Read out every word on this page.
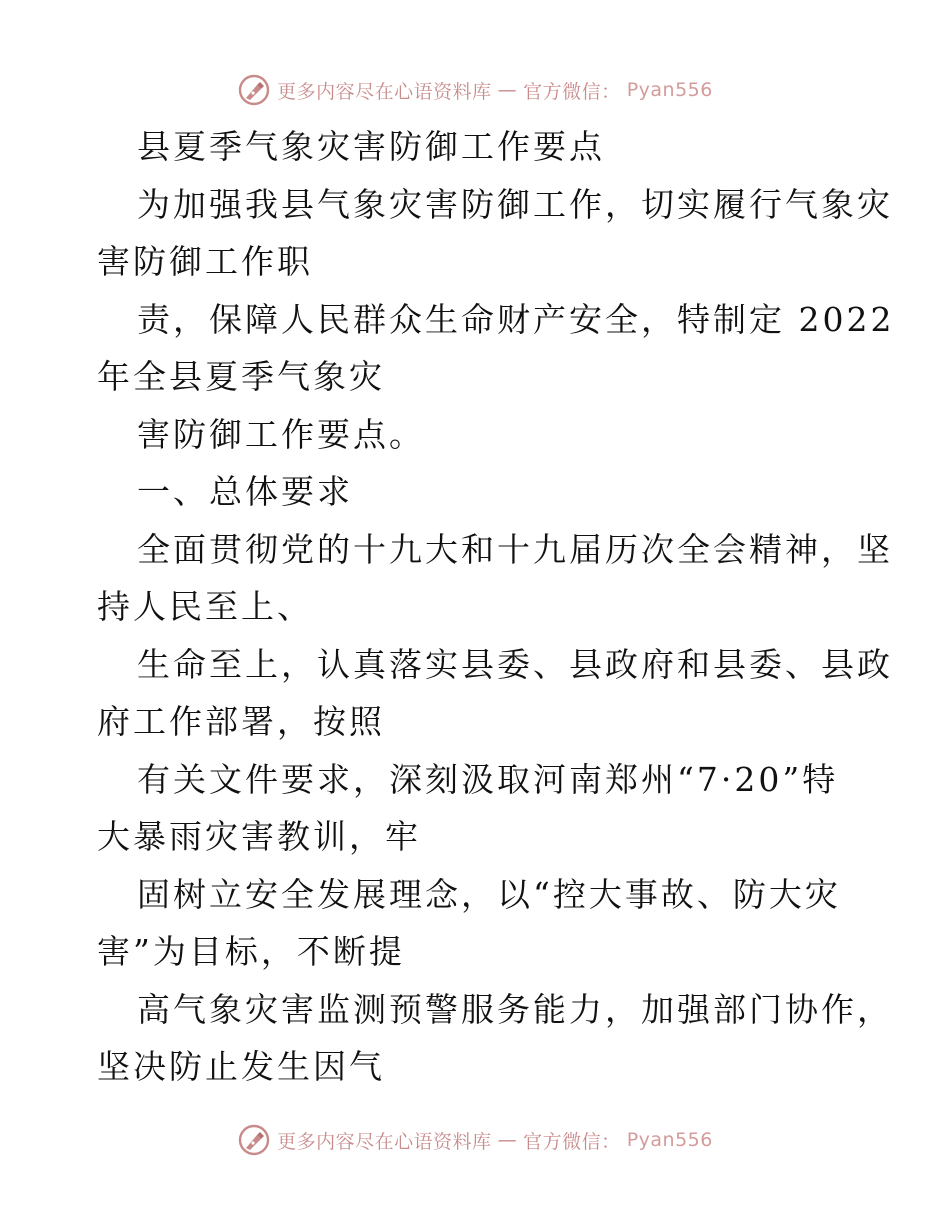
更多内容尽在心语资料库 — 官方微信： Pyan556
县夏季气象灾害防御工作要点
为加强我县气象灾害防御工作，切实履行气象灾
害防御工作职
责，保障人民群众生命财产安全，特制定 2022
年全县夏季气象灾
害防御工作要点。
一、总体要求
全面贯彻党的十九大和十九届历次全会精神，坚
持人民至上、
生命至上，认真落实县委、县政府和县委、县政
府工作部署，按照
有关文件要求，深刻汲取河南郑州“7·20”特
大暴雨灾害教训，牢
固树立安全发展理念，以“控大事故、防大灾
害”为目标，不断提
高气象灾害监测预警服务能力，加强部门协作，
坚决防止发生因气
更多内容尽在心语资料库 — 官方微信： Pyan556
